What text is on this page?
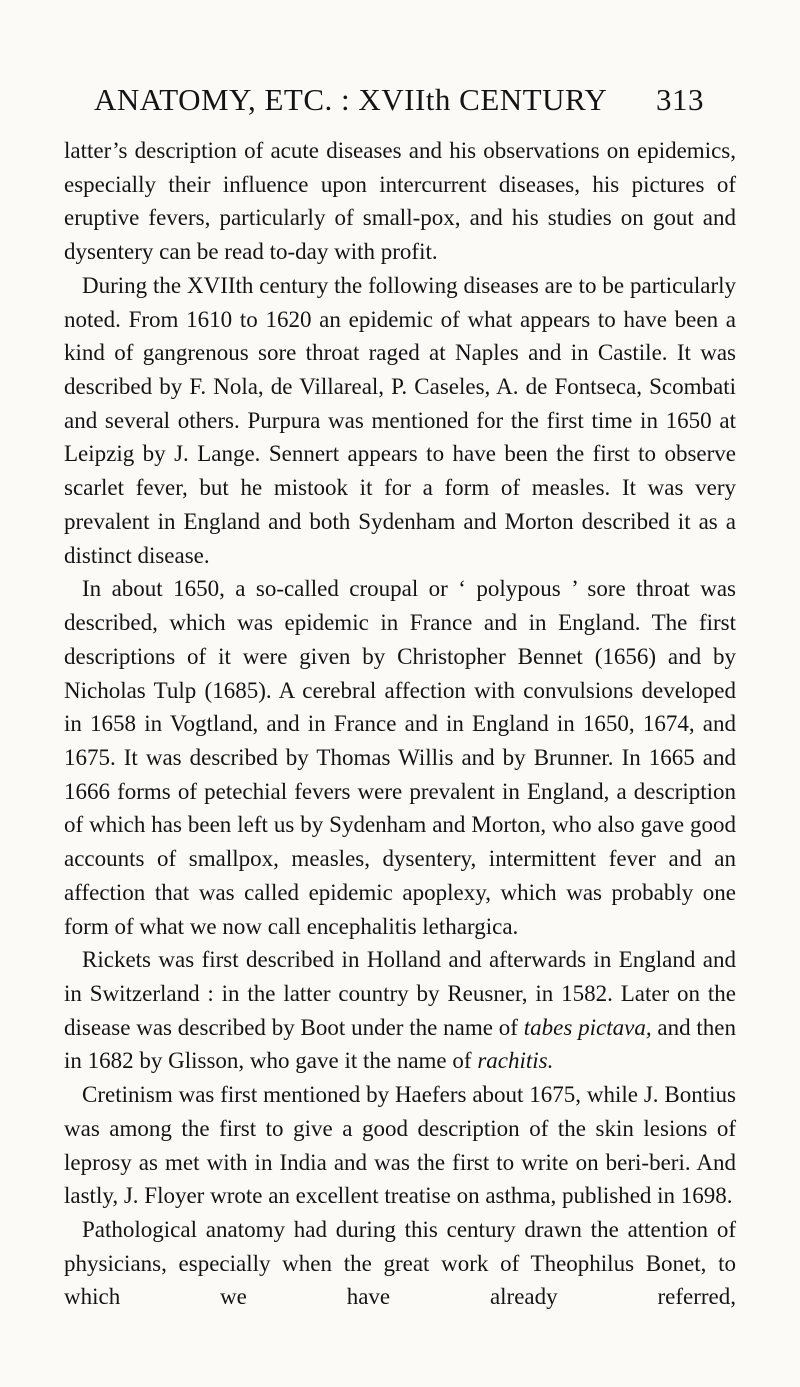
ANATOMY, ETC. : XVIIth CENTURY 313

latter’s description of acute diseases and his observations on epidemics, especially their influence upon intercurrent diseases, his pictures of eruptive fevers, particularly of small-pox, and his studies on gout and dysentery can be read to-day with profit.

During the XVIIth century the following diseases are to be particularly noted. From 1610 to 1620 an epidemic of what appears to have been a kind of gangrenous sore throat raged at Naples and in Castile. It was described by F. Nola, de Villareal, P. Caseles, A. de Fontseca, Scombati and several others. Purpura was mentioned for the first time in 1650 at Leipzig by J. Lange. Sennert appears to have been the first to observe scarlet fever, but he mistook it for a form of measles. It was very prevalent in England and both Sydenham and Morton described it as a distinct disease.

In about 1650, a so-called croupal or ‘ polypous ’ sore throat was described, which was epidemic in France and in England. The first descriptions of it were given by Christopher Bennet (1656) and by Nicholas Tulp (1685). A cerebral affection with convulsions developed in 1658 in Vogtland, and in France and in England in 1650, 1674, and 1675. It was described by Thomas Willis and by Brunner. In 1665 and 1666 forms of petechial fevers were prevalent in England, a description of which has been left us by Sydenham and Morton, who also gave good accounts of smallpox, measles, dysentery, intermittent fever and an affection that was called epidemic apoplexy, which was probably one form of what we now call encephalitis lethargica.

Rickets was first described in Holland and afterwards in England and in Switzerland : in the latter country by Reusner, in 1582. Later on the disease was described by Boot under the name of tabes pictava, and then in 1682 by Glisson, who gave it the name of rachitis.

Cretinism was first mentioned by Haefers about 1675, while J. Bontius was among the first to give a good description of the skin lesions of leprosy as met with in India and was the first to write on beri-beri. And lastly, J. Floyer wrote an excellent treatise on asthma, published in 1698.

Pathological anatomy had during this century drawn the attention of physicians, especially when the great work of Theophilus Bonet, to which we have already referred,
